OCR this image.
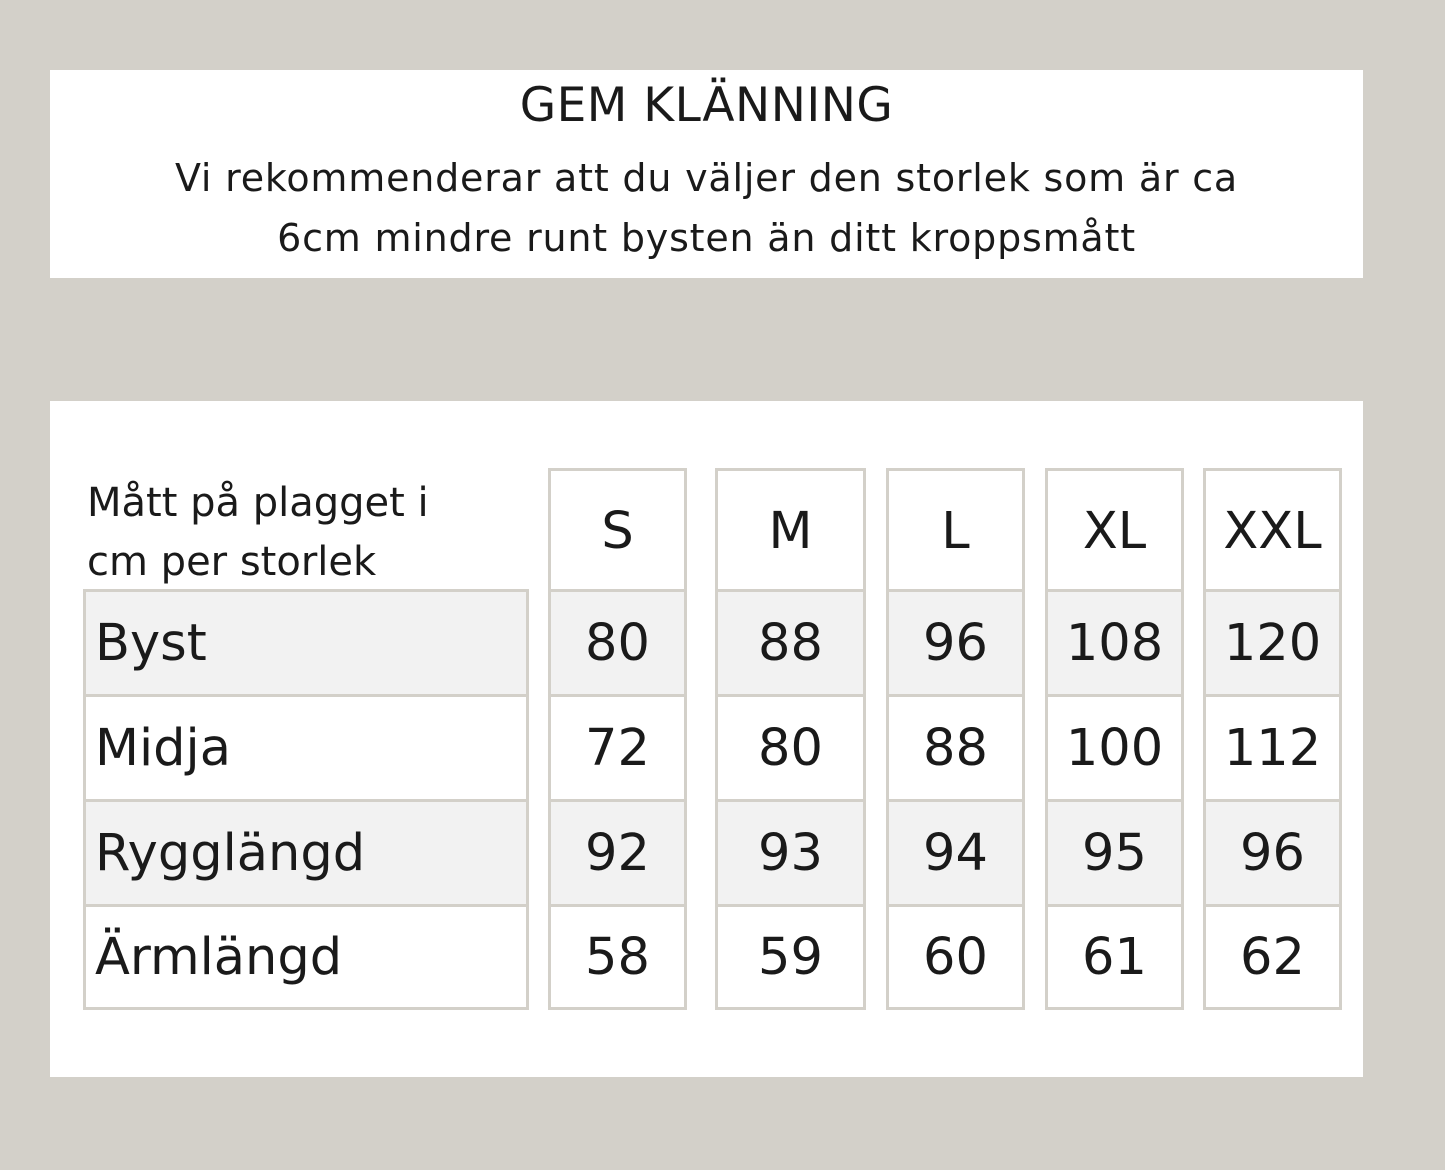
GEM KLÄNNING
Vi rekommenderar att du väljer den storlek som är ca
6cm mindre runt bysten än ditt kroppsmått
Mått på plagget i
cm per storlek
S	M	L	XL	XXL
Byst	80	88	96	108	120
Midja	72	80	88	100	112
Rygglängd	92	93	94	95	96
Ärmlängd	58	59	60	61	62
